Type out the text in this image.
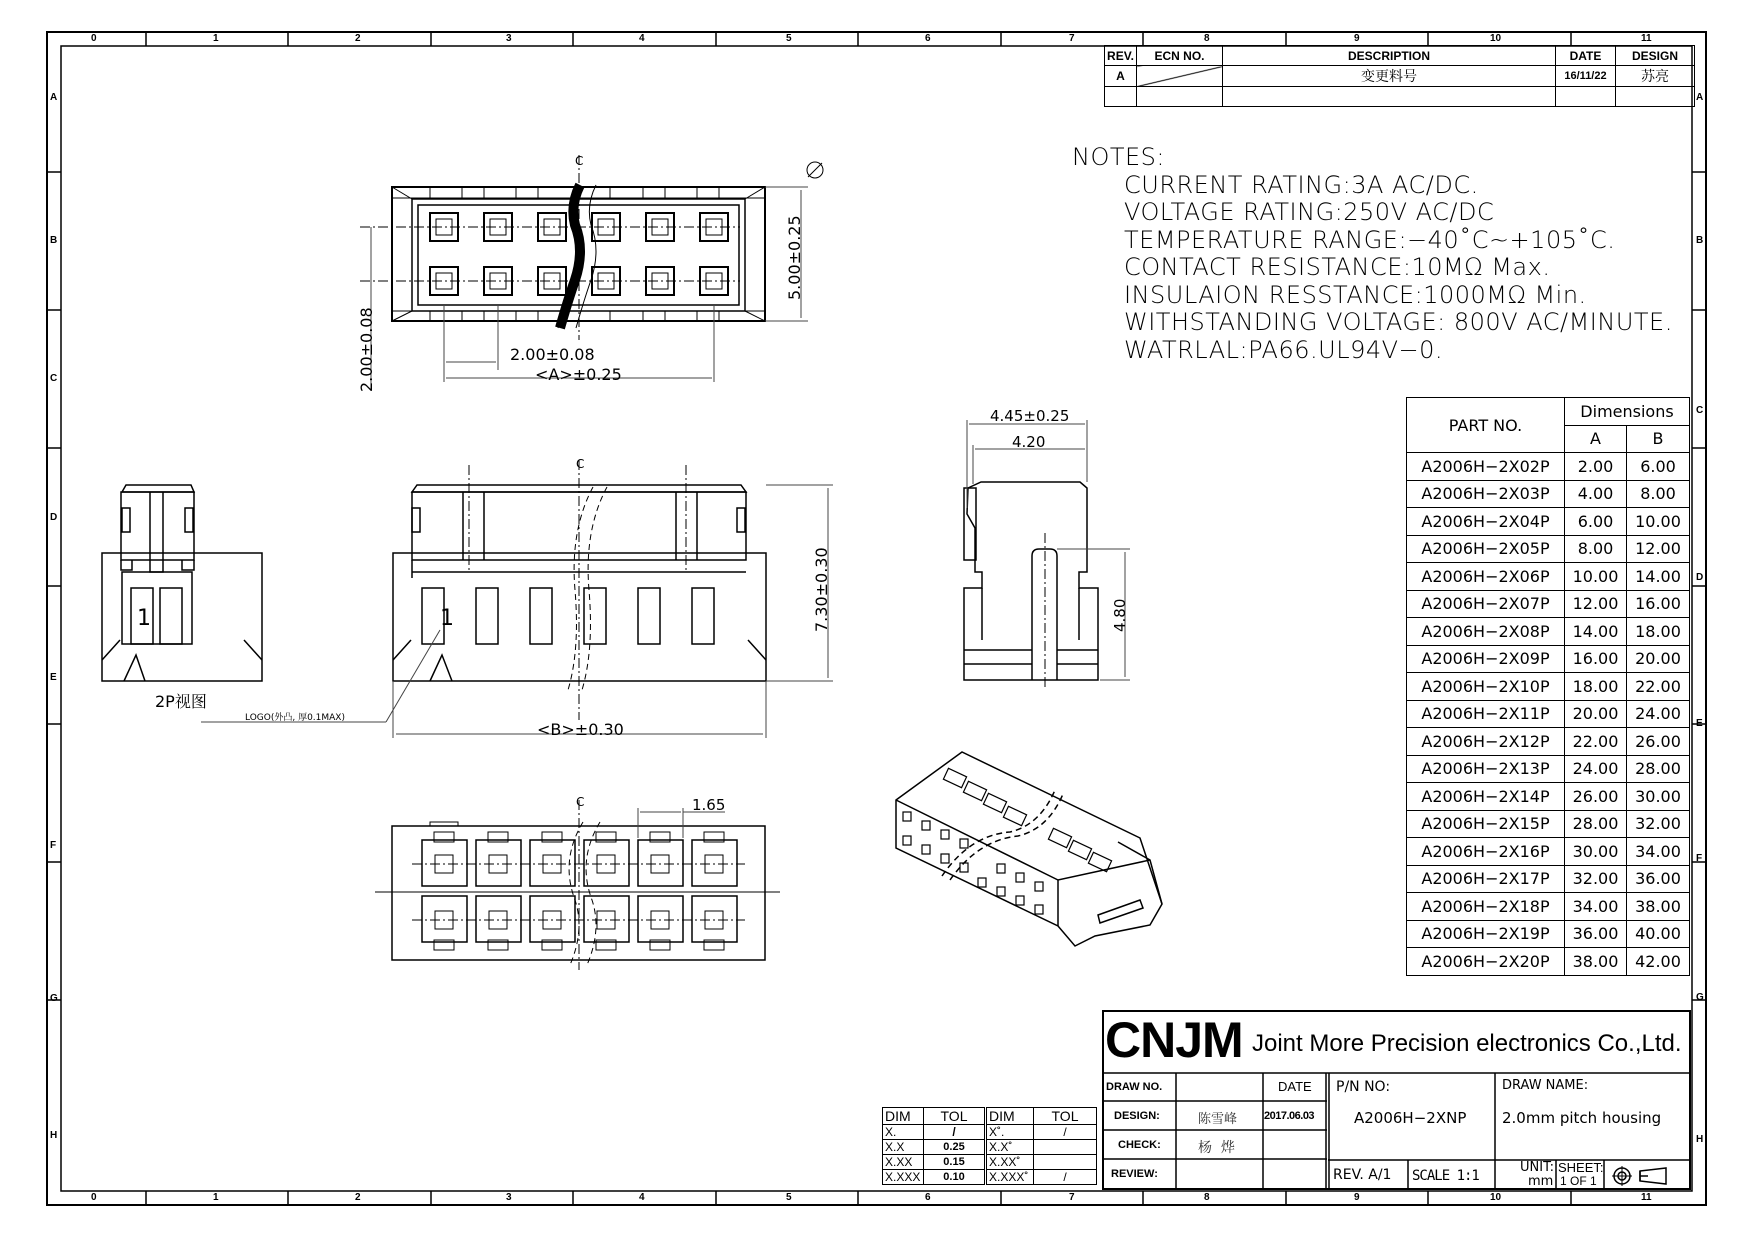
2.00±0.08
<A>±0.25
5.00±0.25
2.00±0.08
C
1
2P视图
1
<B>±0.30
7.30±0.30
LOGO(外凸, 厚0.1MAX)
C
4.45±0.25
4.20
4.80
1.65
C
0	1	2	3	4	5	6	7	8	9	10	11
0	1	2	3	4	5	6	7	8	9	10	11
A
B
C
D
E
F
G
H
A
B
C
D
E
F
G
H
REV.	ECN NO.	DESCRIPTION	DATE	DESIGN
A		变更料号	16/11/22	苏亮

NOTES:
CURRENT RATING:3A AC/DC.
VOLTAGE RATING:250V AC/DC
TEMPERATURE RANGE:−40˚C~+105˚C.
CONTACT RESISTANCE:10MΩ Max.
INSULAION RESSTANCE:1000MΩ Min.
WITHSTANDING VOLTAGE: 800V AC/MINUTE.
WATRLAL:PA66.UL94V−0.
PART NO.	Dimensions	
	A	B
A2006H−2X02P	2.00	6.00
A2006H−2X03P	4.00	8.00
A2006H−2X04P	6.00	10.00
A2006H−2X05P	8.00	12.00
A2006H−2X06P	10.00	14.00
A2006H−2X07P	12.00	16.00
A2006H−2X08P	14.00	18.00
A2006H−2X09P	16.00	20.00
A2006H−2X10P	18.00	22.00
A2006H−2X11P	20.00	24.00
A2006H−2X12P	22.00	26.00
A2006H−2X13P	24.00	28.00
A2006H−2X14P	26.00	30.00
A2006H−2X15P	28.00	32.00
A2006H−2X16P	30.00	34.00
A2006H−2X17P	32.00	36.00
A2006H−2X18P	34.00	38.00
A2006H−2X19P	36.00	40.00
A2006H−2X20P	38.00	42.00
DIM	TOL	DIM	TOL
X.	/	X˚.	/
X.X	0.25	X.X˚	
X.XX	0.15	X.XX˚	
X.XXX	0.10	X.XXX˚	/
CNJM Joint More Precision electronics Co.,Ltd.
DRAW NO.	DATE
DESIGN:	陈雪峰 2017.06.03
CHECK:	杨  烨
REVIEW:
P/N NO:
A2006H−2XNP
DRAW NAME:
2.0mm pitch housing
REV. A/1 SCALE 1:1
UNIT:
mm
SHEET:
1 OF 1
